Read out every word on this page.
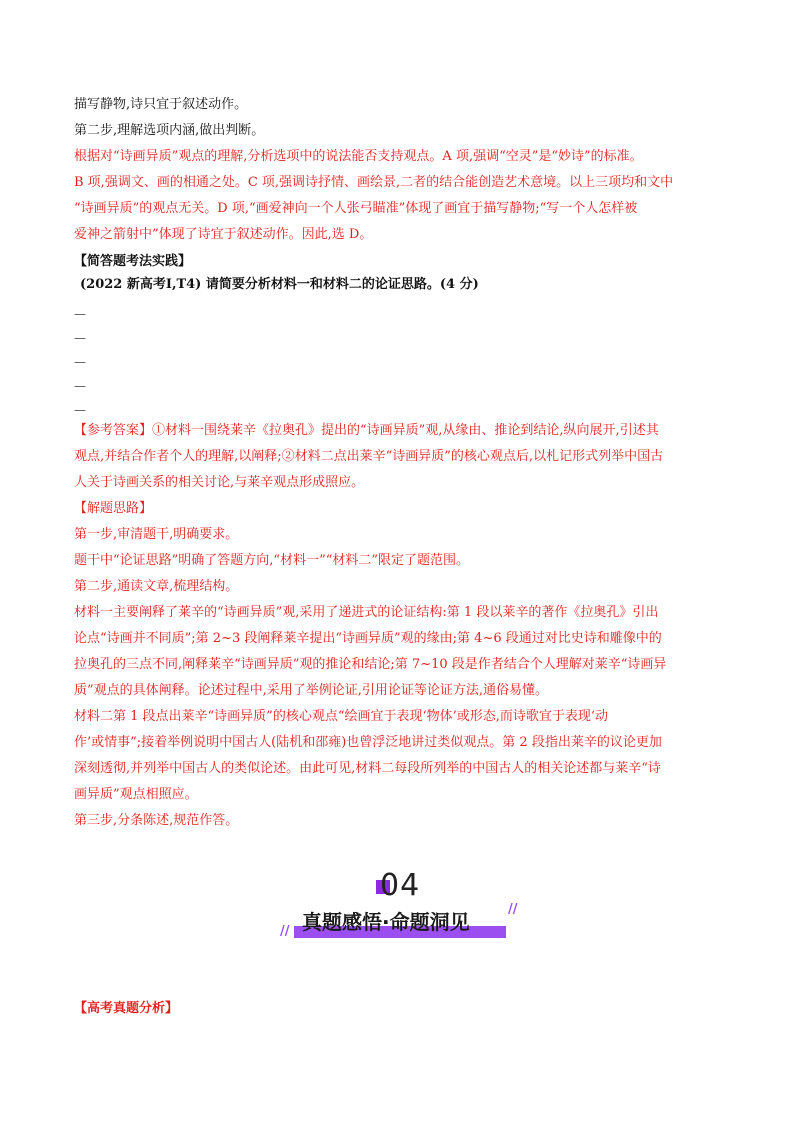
描写静物,诗只宜于叙述动作。
第二步,理解选项内涵,做出判断。
根据对“诗画异质”观点的理解,分析选项中的说法能否支持观点。A 项,强调“空灵”是“妙诗”的标准。
B 项,强调文、画的相通之处。C 项,强调诗抒情、画绘景,二者的结合能创造艺术意境。以上三项均和文中
“诗画异质”的观点无关。D 项,“画爱神向一个人张弓瞄准”体现了画宜于描写静物;“写一个人怎样被
爱神之箭射中”体现了诗宜于叙述动作。因此,选 D。
【简答题考法实践】
(2022 新高考Ⅰ,T4) 请简要分析材料一和材料二的论证思路。(4 分)
—
—
—
—
—
【参考答案】①材料一围绕莱辛《拉奥孔》提出的“诗画异质”观,从缘由、推论到结论,纵向展开,引述其
观点,并结合作者个人的理解,以阐释;②材料二点出莱辛“诗画异质”的核心观点后,以札记形式列举中国古
人关于诗画关系的相关讨论,与莱辛观点形成照应。
【解题思路】
第一步,审清题干,明确要求。
题干中“论证思路”明确了答题方向,“材料一”“材料二”限定了题范围。
第二步,通读文章,梳理结构。
材料一主要阐释了莱辛的“诗画异质”观,采用了递进式的论证结构:第 1 段以莱辛的著作《拉奥孔》引出
论点“诗画并不同质”;第 2~3 段阐释莱辛提出“诗画异质”观的缘由;第 4~6 段通过对比史诗和雕像中的
拉奥孔的三点不同,阐释莱辛“诗画异质”观的推论和结论;第 7~10 段是作者结合个人理解对莱辛“诗画异
质”观点的具体阐释。论述过程中,采用了举例论证,引用论证等论证方法,通俗易懂。
材料二第 1 段点出莱辛“诗画异质”的核心观点“绘画宜于表现‘物体’或形态,而诗歌宜于表现‘动
作’或情事”;接着举例说明中国古人(陆机和邵雍)也曾浮泛地讲过类似观点。第 2 段指出莱辛的议论更加
深刻透彻,并列举中国古人的类似论述。由此可见,材料二每段所列举的中国古人的相关论述都与莱辛“诗
画异质”观点相照应。
第三步,分条陈述,规范作答。
04
真题感悟·命题洞见
//
//
【高考真题分析】
